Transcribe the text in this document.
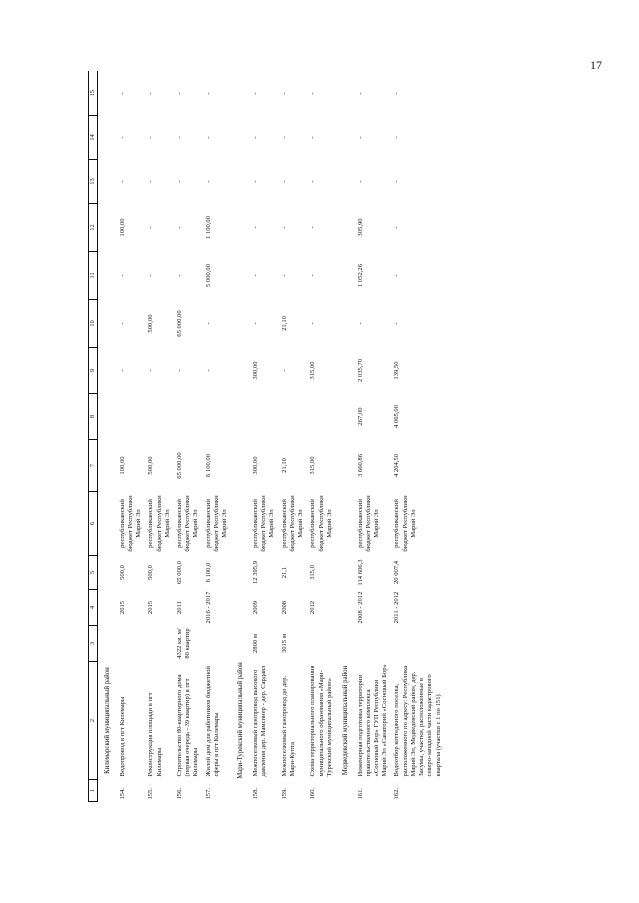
17
1	2	3	4	5	6	7	8	9	10	11	12	13	14	15
	Килемарский муниципальный район													
154.	Водопровод в пгт Килемары		2015	500,0	республиканский бюджет Республики Марий Эл	100,00		-	-	-	100,00	-	-	-
155.	Реконструкция площади в пгт Килемары		2015	500,0	республиканский бюджет Республики Марий Эл	500,00		-	500,00	-	-	-	-	-
156.	Строительство 80-квартирного дома (первая очередь - 39 квартир) в пгт Килемары	4322 кв. м/ 80 квартир	2011	65 000,0	республиканский бюджет Республики Марий Эл	65 000,00		-	65 000,00	-	-	-	-	-
157.	Жилой дом для работников бюджетной сферы в пгт Килемары		2016 - 2017	6 100,0	республиканский бюджет Республики Марий Эл	6 100,00		-	-	5 000,00	1 100,00	-	-	-
	Мари-Турекский муниципальный район													
158.	Межпоселковый газопровод высокого давления дер. Мамсинер - дер. Сардаял	2800 м	2009	12 395,9	республиканский бюджет Республики Марий Эл	300,00		300,00	-	-	-	-	-	-
159.	Межпоселковый газопровод до дер. Мари-Купта	3015 м	2008	21,1	республиканский бюджет Республики Марий Эл	21,10		-	21,10	-	-	-	-	-
160.	Схема территориального планирования муниципального образования «Мари-Турекский муниципальный район»		2012	315,0	республиканский бюджет Республики Марий Эл	315,00		315,00	-	-	-	-	-	-
	Медведевский муниципальный район													
161.	Инженерная подготовка территории правительственного комплекса «Сосновый Бор» ГУП Республики Марий Эл «Санаторий «Сосновый Бор»		2008 - 2012	114 606,3	республиканский бюджет Республики Марий Эл	3 660,86	267,00	2 035,70	-	1 052,26	305,90	-	-	-
162.	Водоотбор коттеджного поселка, расположенного по адресу: Республика Марий Эл, Медведевский район, дер. Засумы, участки, расположенные в северо-западной части кадастрового квартала (участки с 1 по 151)		2011 - 2012	20 007,4	республиканский бюджет Республики Марий Эл	4 204,50	4 065,00	139,50	-	-	-	-	-	-
